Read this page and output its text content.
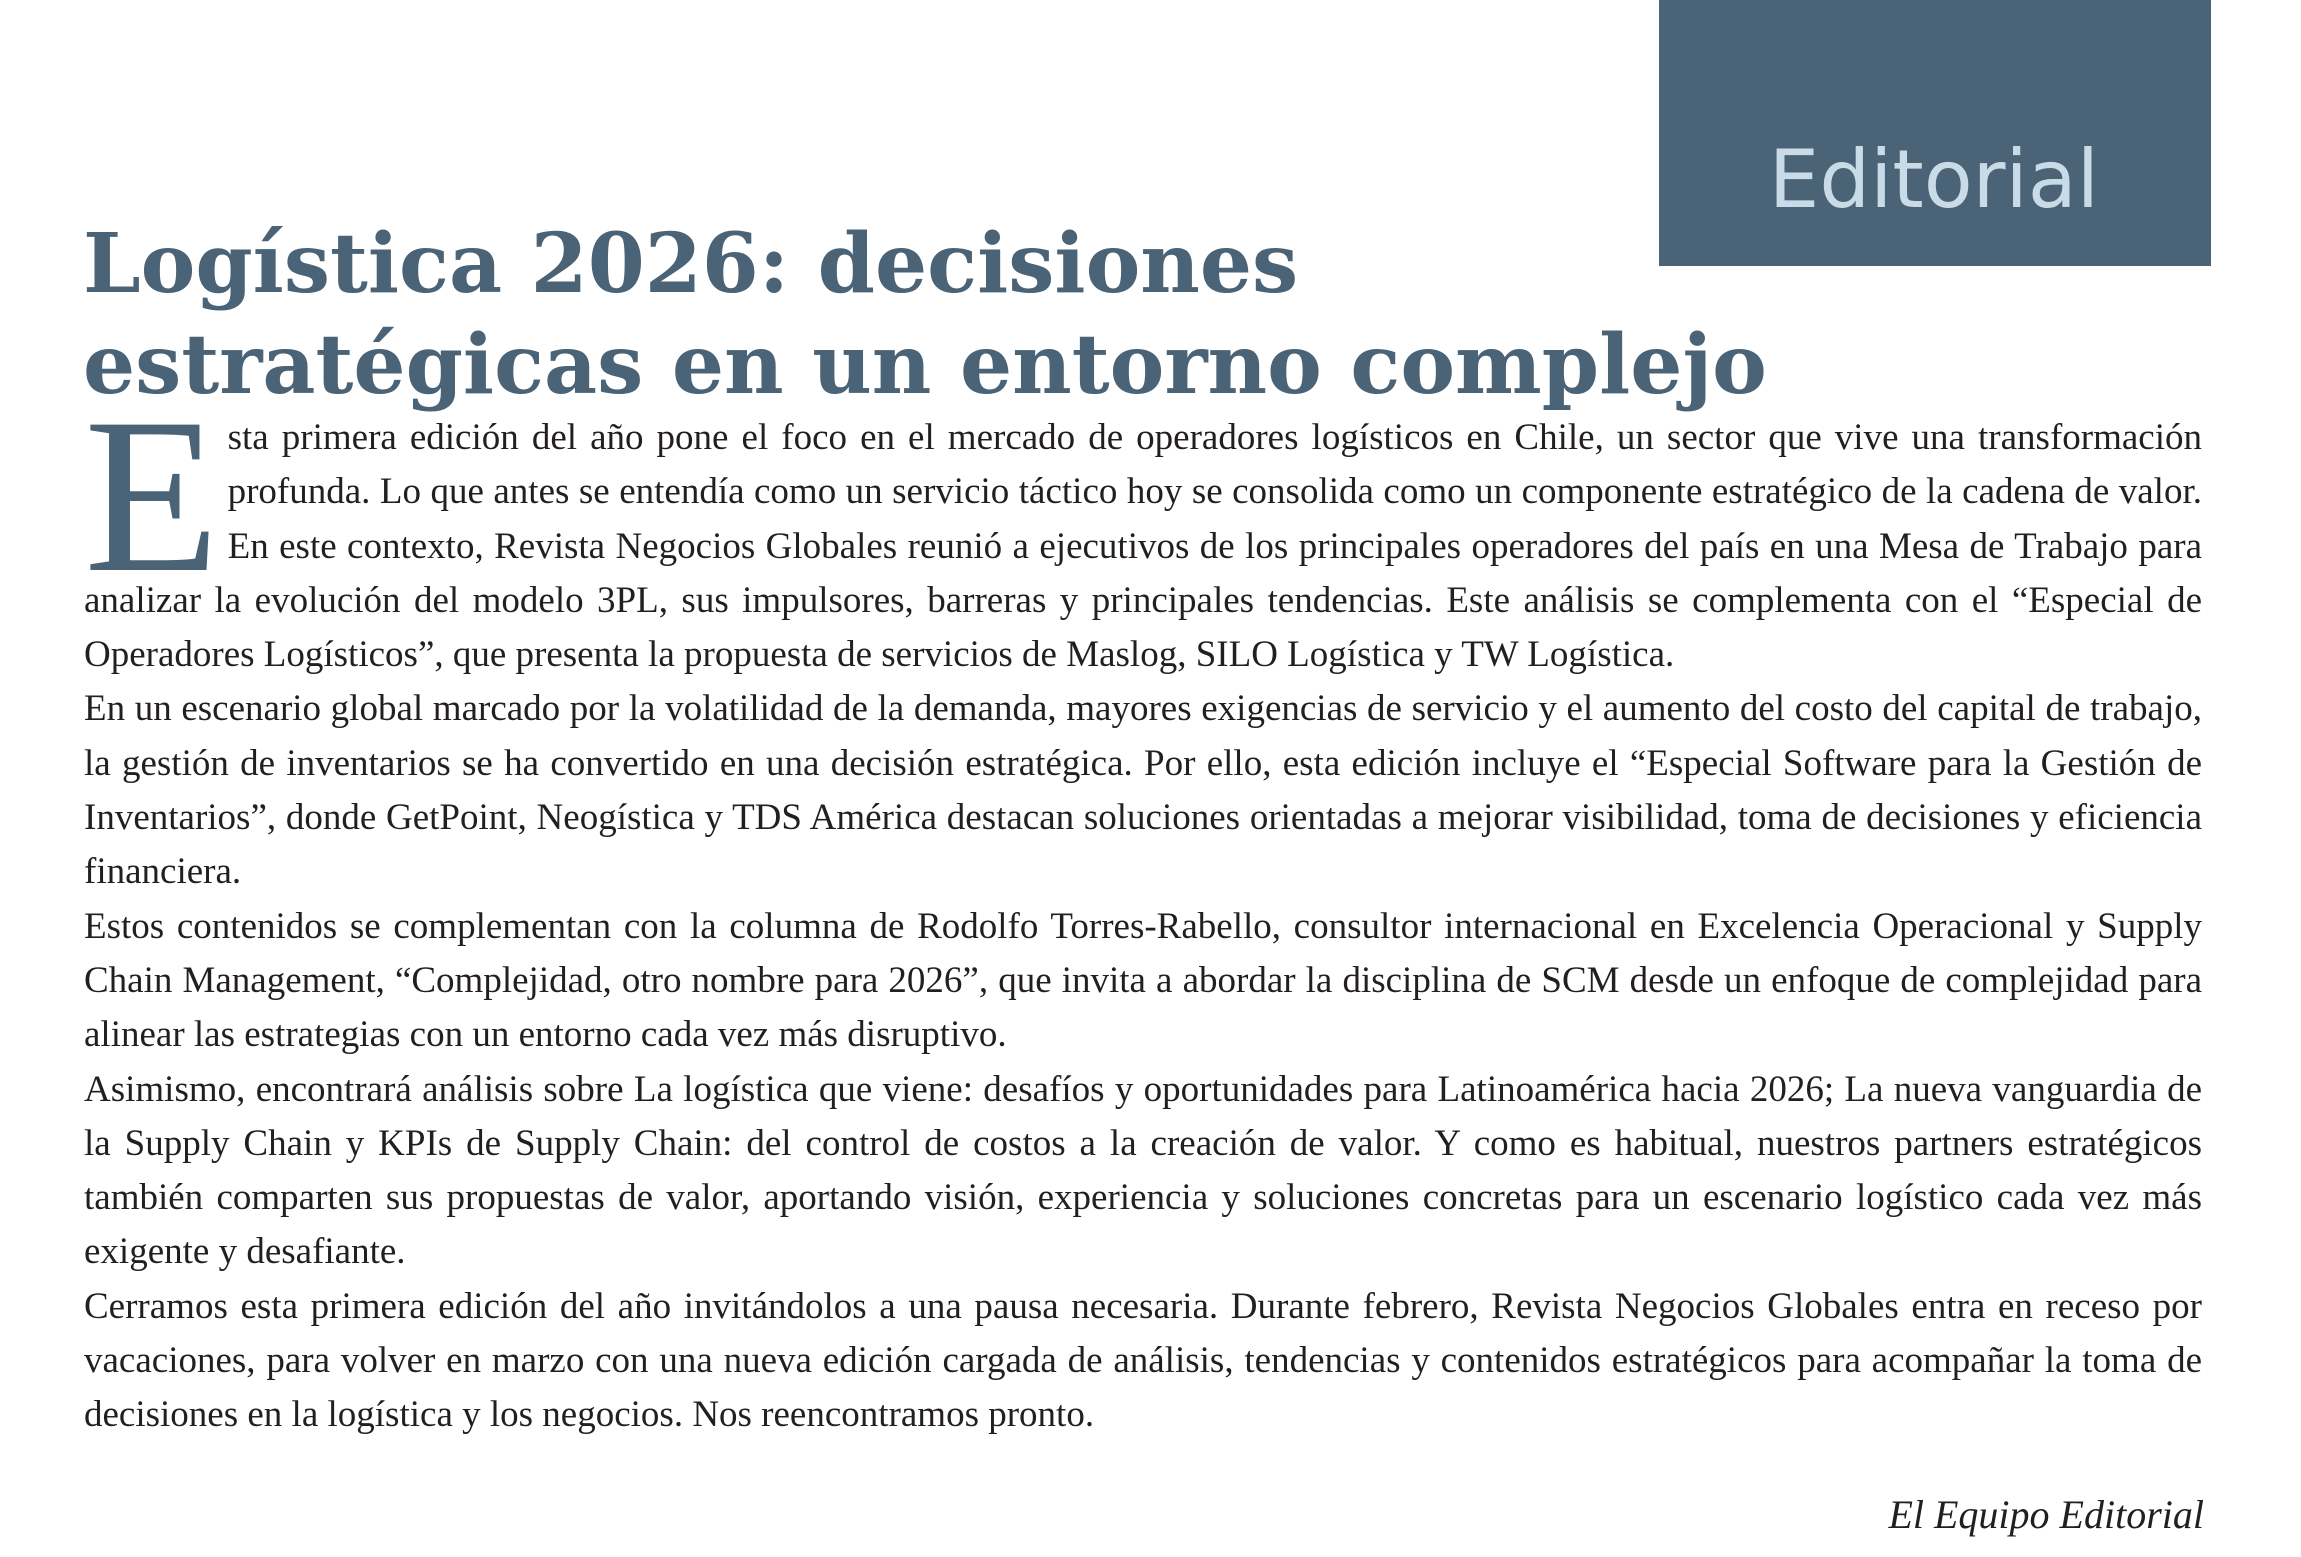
Editorial
Logística 2026: decisiones
estratégicas en un entorno complejo

Esta primera edición del año pone el foco en el mercado de operadores logísticos en Chile, un sector que vive una transformación profunda. Lo que antes se entendía como un servicio táctico hoy se consolida como un componente estratégico de la cadena de valor. En este contexto, Revista Negocios Globales reunió a ejecutivos de los principales operadores del país en una Mesa de Trabajo para analizar la evolución del modelo 3PL, sus impulsores, barreras y principales tendencias. Este análisis se complementa con el “Especial de Operadores Logísticos”, que presenta la propuesta de servicios de Maslog, SILO Logística y TW Logística.

En un escenario global marcado por la volatilidad de la demanda, mayores exigencias de servicio y el aumento del costo del capital de trabajo, la gestión de inventarios se ha convertido en una decisión estratégica. Por ello, esta edición incluye el “Especial Software para la Gestión de Inventarios”, donde GetPoint, Neogística y TDS América destacan soluciones orientadas a mejorar visibilidad, toma de decisiones y eficiencia financiera.

Estos contenidos se complementan con la columna de Rodolfo Torres-Rabello, consultor internacional en Excelencia Operacional y Supply Chain Management, “Complejidad, otro nombre para 2026”, que invita a abordar la disciplina de SCM desde un enfoque de complejidad para alinear las estrategias con un entorno cada vez más disruptivo.

Asimismo, encontrará análisis sobre La logística que viene: desafíos y oportunidades para Latinoamérica hacia 2026; La nueva vanguardia de la Supply Chain y KPIs de Supply Chain: del control de costos a la creación de valor. Y como es habitual, nuestros partners estratégicos también comparten sus propuestas de valor, aportando visión, experiencia y soluciones concretas para un escenario logístico cada vez más exigente y desafiante.

Cerramos esta primera edición del año invitándolos a una pausa necesaria. Durante febrero, Revista Negocios Globales entra en receso por vacaciones, para volver en marzo con una nueva edición cargada de análisis, tendencias y contenidos estratégicos para acompañar la toma de decisiones en la logística y los negocios. Nos reencontramos pronto.

El Equipo Editorial
